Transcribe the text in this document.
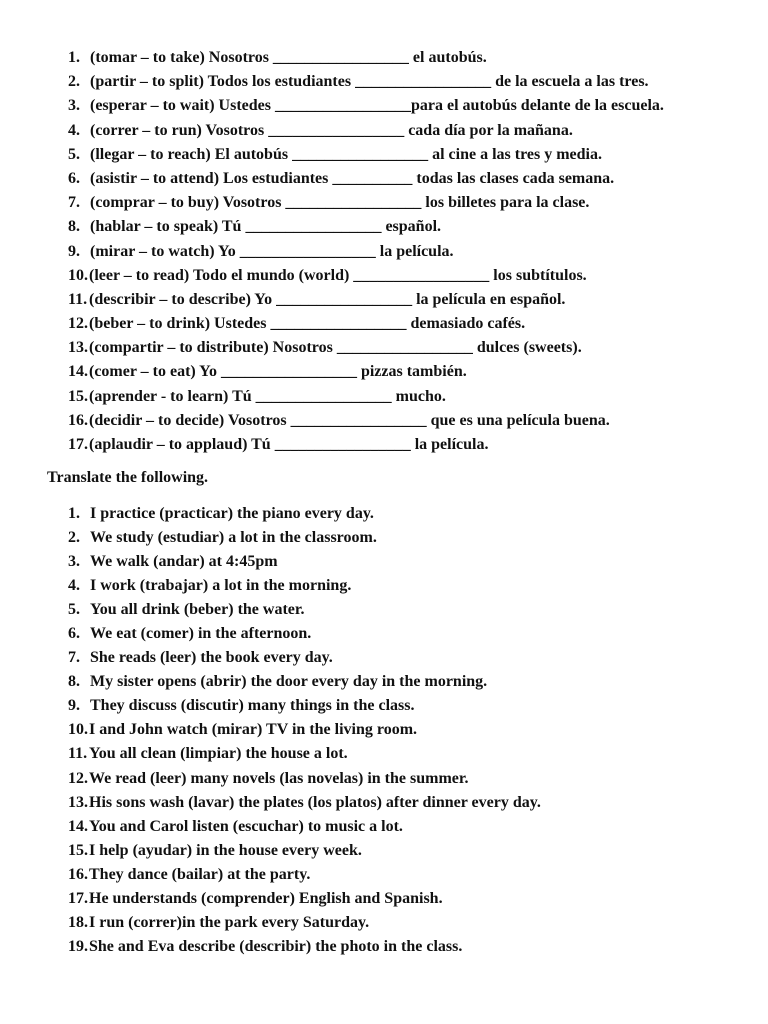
1. (tomar – to take) Nosotros _________________ el autobús.
2. (partir – to split) Todos los estudiantes _________________ de la escuela a las tres.
3. (esperar – to wait) Ustedes _________________para el autobús delante de la escuela.
4. (correr – to run) Vosotros _________________ cada día por la mañana.
5. (llegar – to reach) El autobús _________________ al cine a las tres y media.
6. (asistir – to attend) Los estudiantes __________ todas las clases cada semana.
7. (comprar – to buy) Vosotros _________________ los billetes para la clase.
8. (hablar – to speak) Tú _________________ español.
9. (mirar – to watch) Yo _________________ la película.
10. (leer – to read) Todo el mundo (world) _________________ los subtítulos.
11. (describir – to describe) Yo _________________ la película en español.
12. (beber – to drink) Ustedes _________________ demasiado cafés.
13. (compartir – to distribute) Nosotros _________________ dulces (sweets).
14. (comer – to eat) Yo _________________ pizzas también.
15. (aprender - to learn) Tú _________________ mucho.
16. (decidir – to decide) Vosotros _________________ que es una película buena.
17. (aplaudir – to applaud) Tú _________________ la película.
Translate the following.
1. I practice (practicar) the piano every day.
2. We study (estudiar) a lot in the classroom.
3. We walk (andar) at 4:45pm
4. I work (trabajar) a lot in the morning.
5. You all drink (beber) the water.
6. We eat (comer) in the afternoon.
7. She reads (leer) the book every day.
8. My sister opens (abrir) the door every day in the morning.
9. They discuss (discutir) many things in the class.
10. I and John watch (mirar) TV in the living room.
11. You all clean (limpiar) the house a lot.
12. We read (leer) many novels (las novelas) in the summer.
13. His sons wash (lavar) the plates (los platos) after dinner every day.
14. You and Carol listen (escuchar) to music a lot.
15. I help (ayudar) in the house every week.
16. They dance (bailar) at the party.
17. He understands (comprender) English and Spanish.
18. I run (correr)in the park every Saturday.
19. She and Eva describe (describir) the photo in the class.
